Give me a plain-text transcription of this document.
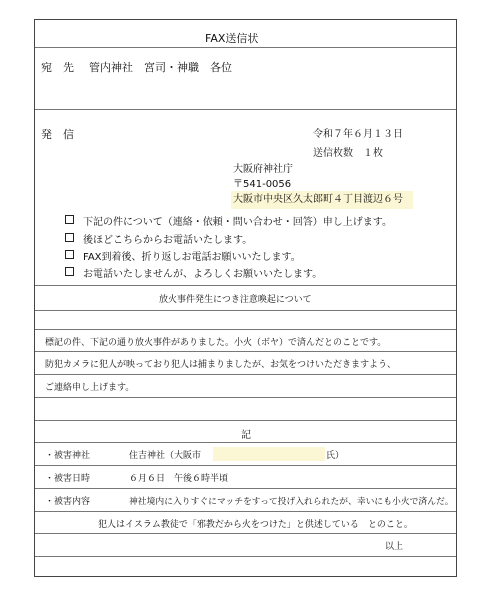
FAX送信状
宛　先 管内神社　宮司・神職　各位
発　信	令和７年６月１３日
送信枚数　１枚
大阪府神社庁
〒541-0056
大阪市中央区久太郎町４丁目渡辺６号
下記の件について（連絡・依頼・問い合わせ・回答）申し上げます。
後ほどこちらからお電話いたします。
FAX到着後、折り返しお電話お願いいたします。
お電話いたしませんが、よろしくお願いいたします。
放火事件発生につき注意喚起について
標記の件、下記の通り放火事件がありました。小火（ボヤ）で済んだとのことです。
防犯カメラに犯人が映っており犯人は捕まりましたが、お気をつけいただきますよう、
ご連絡申し上げます。
記
・被害神社	住吉神社（大阪市	氏）
・被害日時	６月６日　午後６時半頃
・被害内容	神社境内に入りすぐにマッチをすって投げ入れられたが、幸いにも小火で済んだ。
犯人はイスラム教徒で「邪教だから火をつけた」と供述している　とのこと。
以上
